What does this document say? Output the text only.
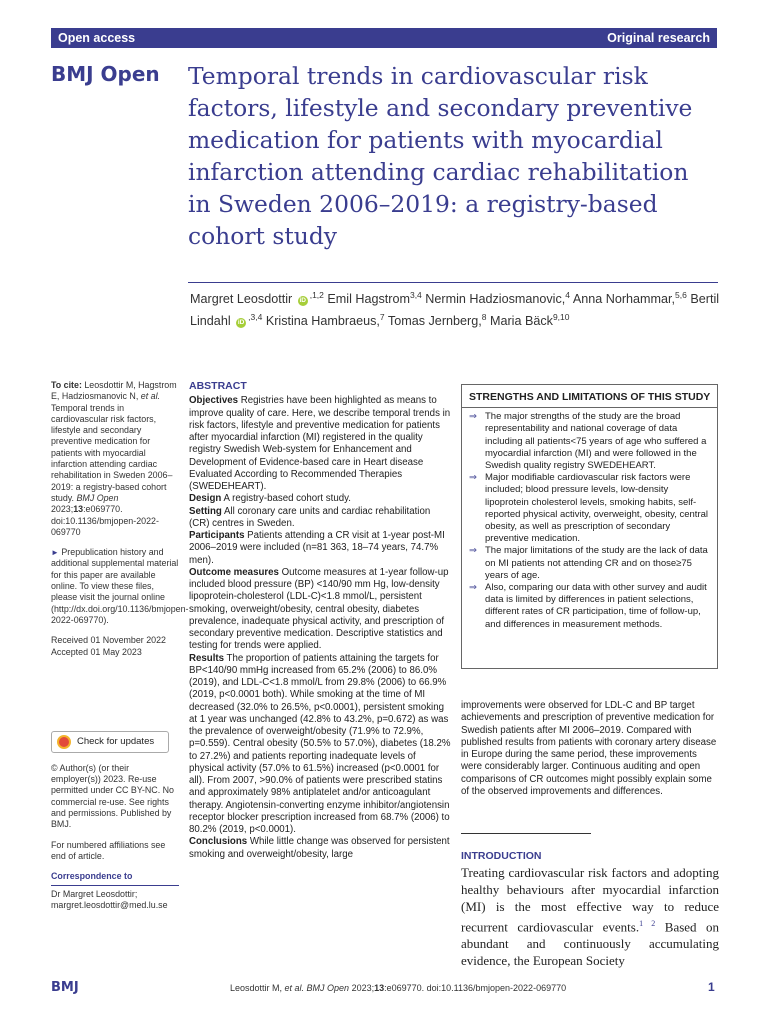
Open access	Original research
BMJ Open Temporal trends in cardiovascular risk factors, lifestyle and secondary preventive medication for patients with myocardial infarction attending cardiac rehabilitation in Sweden 2006–2019: a registry-based cohort study
Margret Leosdottir $iD^{,1,2}$ Emil Hagstrom$^{3,4}$ Nermin Hadziosmanovic,$^4$ Anna Norhammar,$^{5,6}$ Bertil Lindahl $iD^{,3,4}$ Kristina Hambraeus,$^7$ Tomas Jernberg,$^8$ Maria Bäck$^{9,10}$

To cite: Leosdottir M, Hagstrom E, Hadziosmanovic N, et al. Temporal trends in cardiovascular risk factors, lifestyle and secondary preventive medication for patients with myocardial infarction attending cardiac rehabilitation in Sweden 2006–2019: a registry-based cohort study. BMJ Open 2023;13:e069770. doi:10.1136/bmjopen-2022-069770

► Prepublication history and additional supplemental material for this paper are available online. To view these files, please visit the journal online (http://dx.doi.org/10.1136/bmjopen-2022-069770).

Received 01 November 2022
Accepted 01 May 2023

Check for updates

© Author(s) (or their employer(s)) 2023. Re-use permitted under CC BY-NC. No commercial re-use. See rights and permissions. Published by BMJ.

For numbered affiliations see end of article.

Correspondence to
Dr Margret Leosdottir;
margret.leosdottir@med.lu.se
ABSTRACT
Objectives Registries have been highlighted as means to improve quality of care. Here, we describe temporal trends in risk factors, lifestyle and preventive medication for patients after myocardial infarction (MI) registered in the quality registry Swedish Web-system for Enhancement and Development of Evidence-based care in Heart disease Evaluated According to Recommended Therapies (SWEDEHEART).
Design A registry-based cohort study.
Setting All coronary care units and cardiac rehabilitation (CR) centres in Sweden.
Participants Patients attending a CR visit at 1-year post-MI 2006–2019 were included (n=81 363, 18–74 years, 74.7% men).
Outcome measures Outcome measures at 1-year follow-up included blood pressure (BP) <140/90 mm Hg, low-density lipoprotein-cholesterol (LDL-C)<1.8 mmol/L, persistent smoking, overweight/obesity, central obesity, diabetes prevalence, inadequate physical activity, and prescription of secondary preventive medication. Descriptive statistics and testing for trends were applied.
Results The proportion of patients attaining the targets for BP<140/90 mmHg increased from 65.2% (2006) to 86.0% (2019), and LDL-C<1.8 mmol/L from 29.8% (2006) to 66.9% (2019, p<0.0001 both). While smoking at the time of MI decreased (32.0% to 26.5%, p<0.0001), persistent smoking at 1 year was unchanged (42.8% to 43.2%, p=0.672) as was the prevalence of overweight/obesity (71.9% to 72.9%, p=0.559). Central obesity (50.5% to 57.0%), diabetes (18.2% to 27.2%) and patients reporting inadequate levels of physical activity (57.0% to 61.5%) increased (p<0.0001 for all). From 2007, >90.0% of patients were prescribed statins and approximately 98% antiplatelet and/or anticoagulant therapy. Angiotensin-converting enzyme inhibitor/angiotensin receptor blocker prescription increased from 68.7% (2006) to 80.2% (2019, p<0.0001).
Conclusions While little change was observed for persistent smoking and overweight/obesity, large
STRENGTHS AND LIMITATIONS OF THIS STUDY
⇒ The major strengths of the study are the broad representability and national coverage of data including all patients<75 years of age who suffered a myocardial infarction (MI) and were followed in the Swedish quality registry SWEDEHEART.
⇒ Major modifiable cardiovascular risk factors were included; blood pressure levels, low-density lipoprotein cholesterol levels, smoking habits, self-reported physical activity, overweight, obesity, central obesity, as well as prescription of secondary preventive medication.
⇒ The major limitations of the study are the lack of data on MI patients not attending CR and on those≥75 years of age.
⇒ Also, comparing our data with other survey and audit data is limited by differences in patient selections, different rates of CR participation, time of follow-up, and differences in measurement methods.
improvements were observed for LDL-C and BP target achievements and prescription of preventive medication for Swedish patients after MI 2006–2019. Compared with published results from patients with coronary artery disease in Europe during the same period, these improvements were considerably larger. Continuous auditing and open comparisons of CR outcomes might possibly explain some of the observed improvements and differences.
INTRODUCTION
Treating cardiovascular risk factors and adopting healthy behaviours after myocardial infarction (MI) is the most effective way to reduce recurrent cardiovascular events.$^{1 2}$ Based on abundant and continuously accumulating evidence, the European Society
BMJ	Leosdottir M, et al. BMJ Open 2023;13:e069770. doi:10.1136/bmjopen-2022-069770	1
